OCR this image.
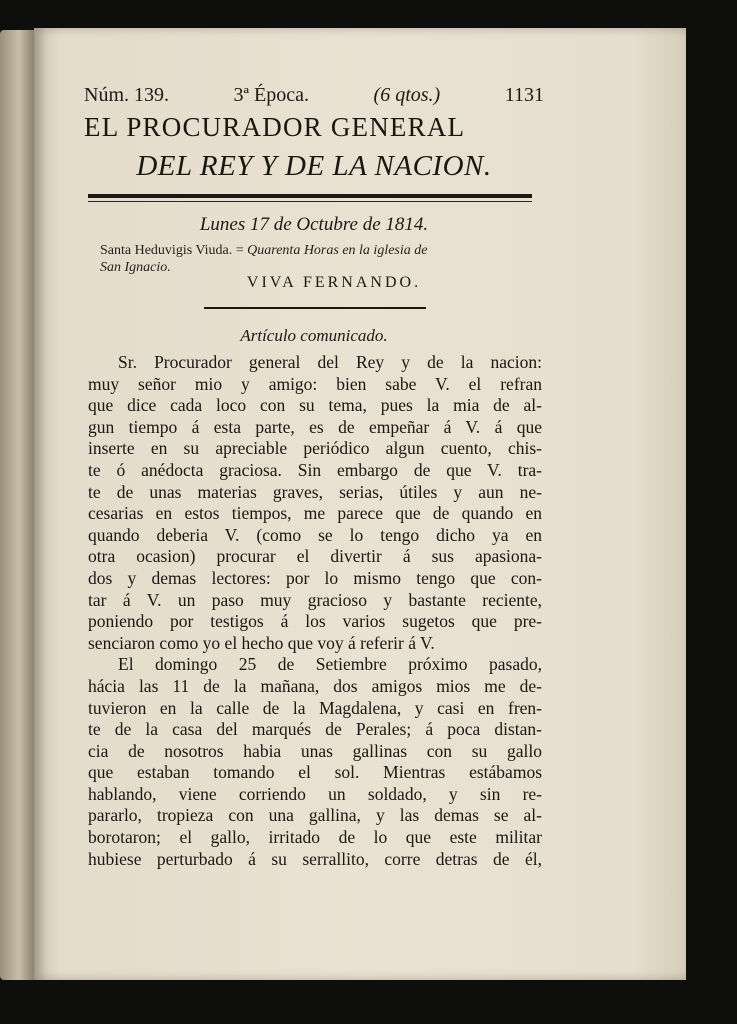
Núm. 139.	3ª Época.	(6 qtos.)	1131
EL PROCURADOR GENERAL
DEL REY Y DE LA NACION.
Lunes 17 de Octubre de 1814.
Santa Heduvigis Viuda. = Quarenta Horas en la iglesia de
San Ignacio.
VIVA FERNANDO.
Artículo comunicado.
Sr. Procurador general del Rey y de la nacion:
muy señor mio y amigo: bien sabe V. el refran
que dice cada loco con su tema, pues la mia de al-
gun tiempo á esta parte, es de empeñar á V. á que
inserte en su apreciable periódico algun cuento, chis-
te ó anédocta graciosa. Sin embargo de que V. tra-
te de unas materias graves, serias, útiles y aun ne-
cesarias en estos tiempos, me parece que de quando en
quando deberia V. (como se lo tengo dicho ya en
otra ocasion) procurar el divertir á sus apasiona-
dos y demas lectores: por lo mismo tengo que con-
tar á V. un paso muy gracioso y bastante reciente,
poniendo por testigos á los varios sugetos que pre-
senciaron como yo el hecho que voy á referir á V.
El domingo 25 de Setiembre próximo pasado,
hácia las 11 de la mañana, dos amigos mios me de-
tuvieron en la calle de la Magdalena, y casi en fren-
te de la casa del marqués de Perales; á poca distan-
cia de nosotros habia unas gallinas con su gallo
que estaban tomando el sol. Mientras estábamos
hablando, viene corriendo un soldado, y sin re-
pararlo, tropieza con una gallina, y las demas se al-
borotaron; el gallo, irritado de lo que este militar
hubiese perturbado á su serrallito, corre detras de él,
